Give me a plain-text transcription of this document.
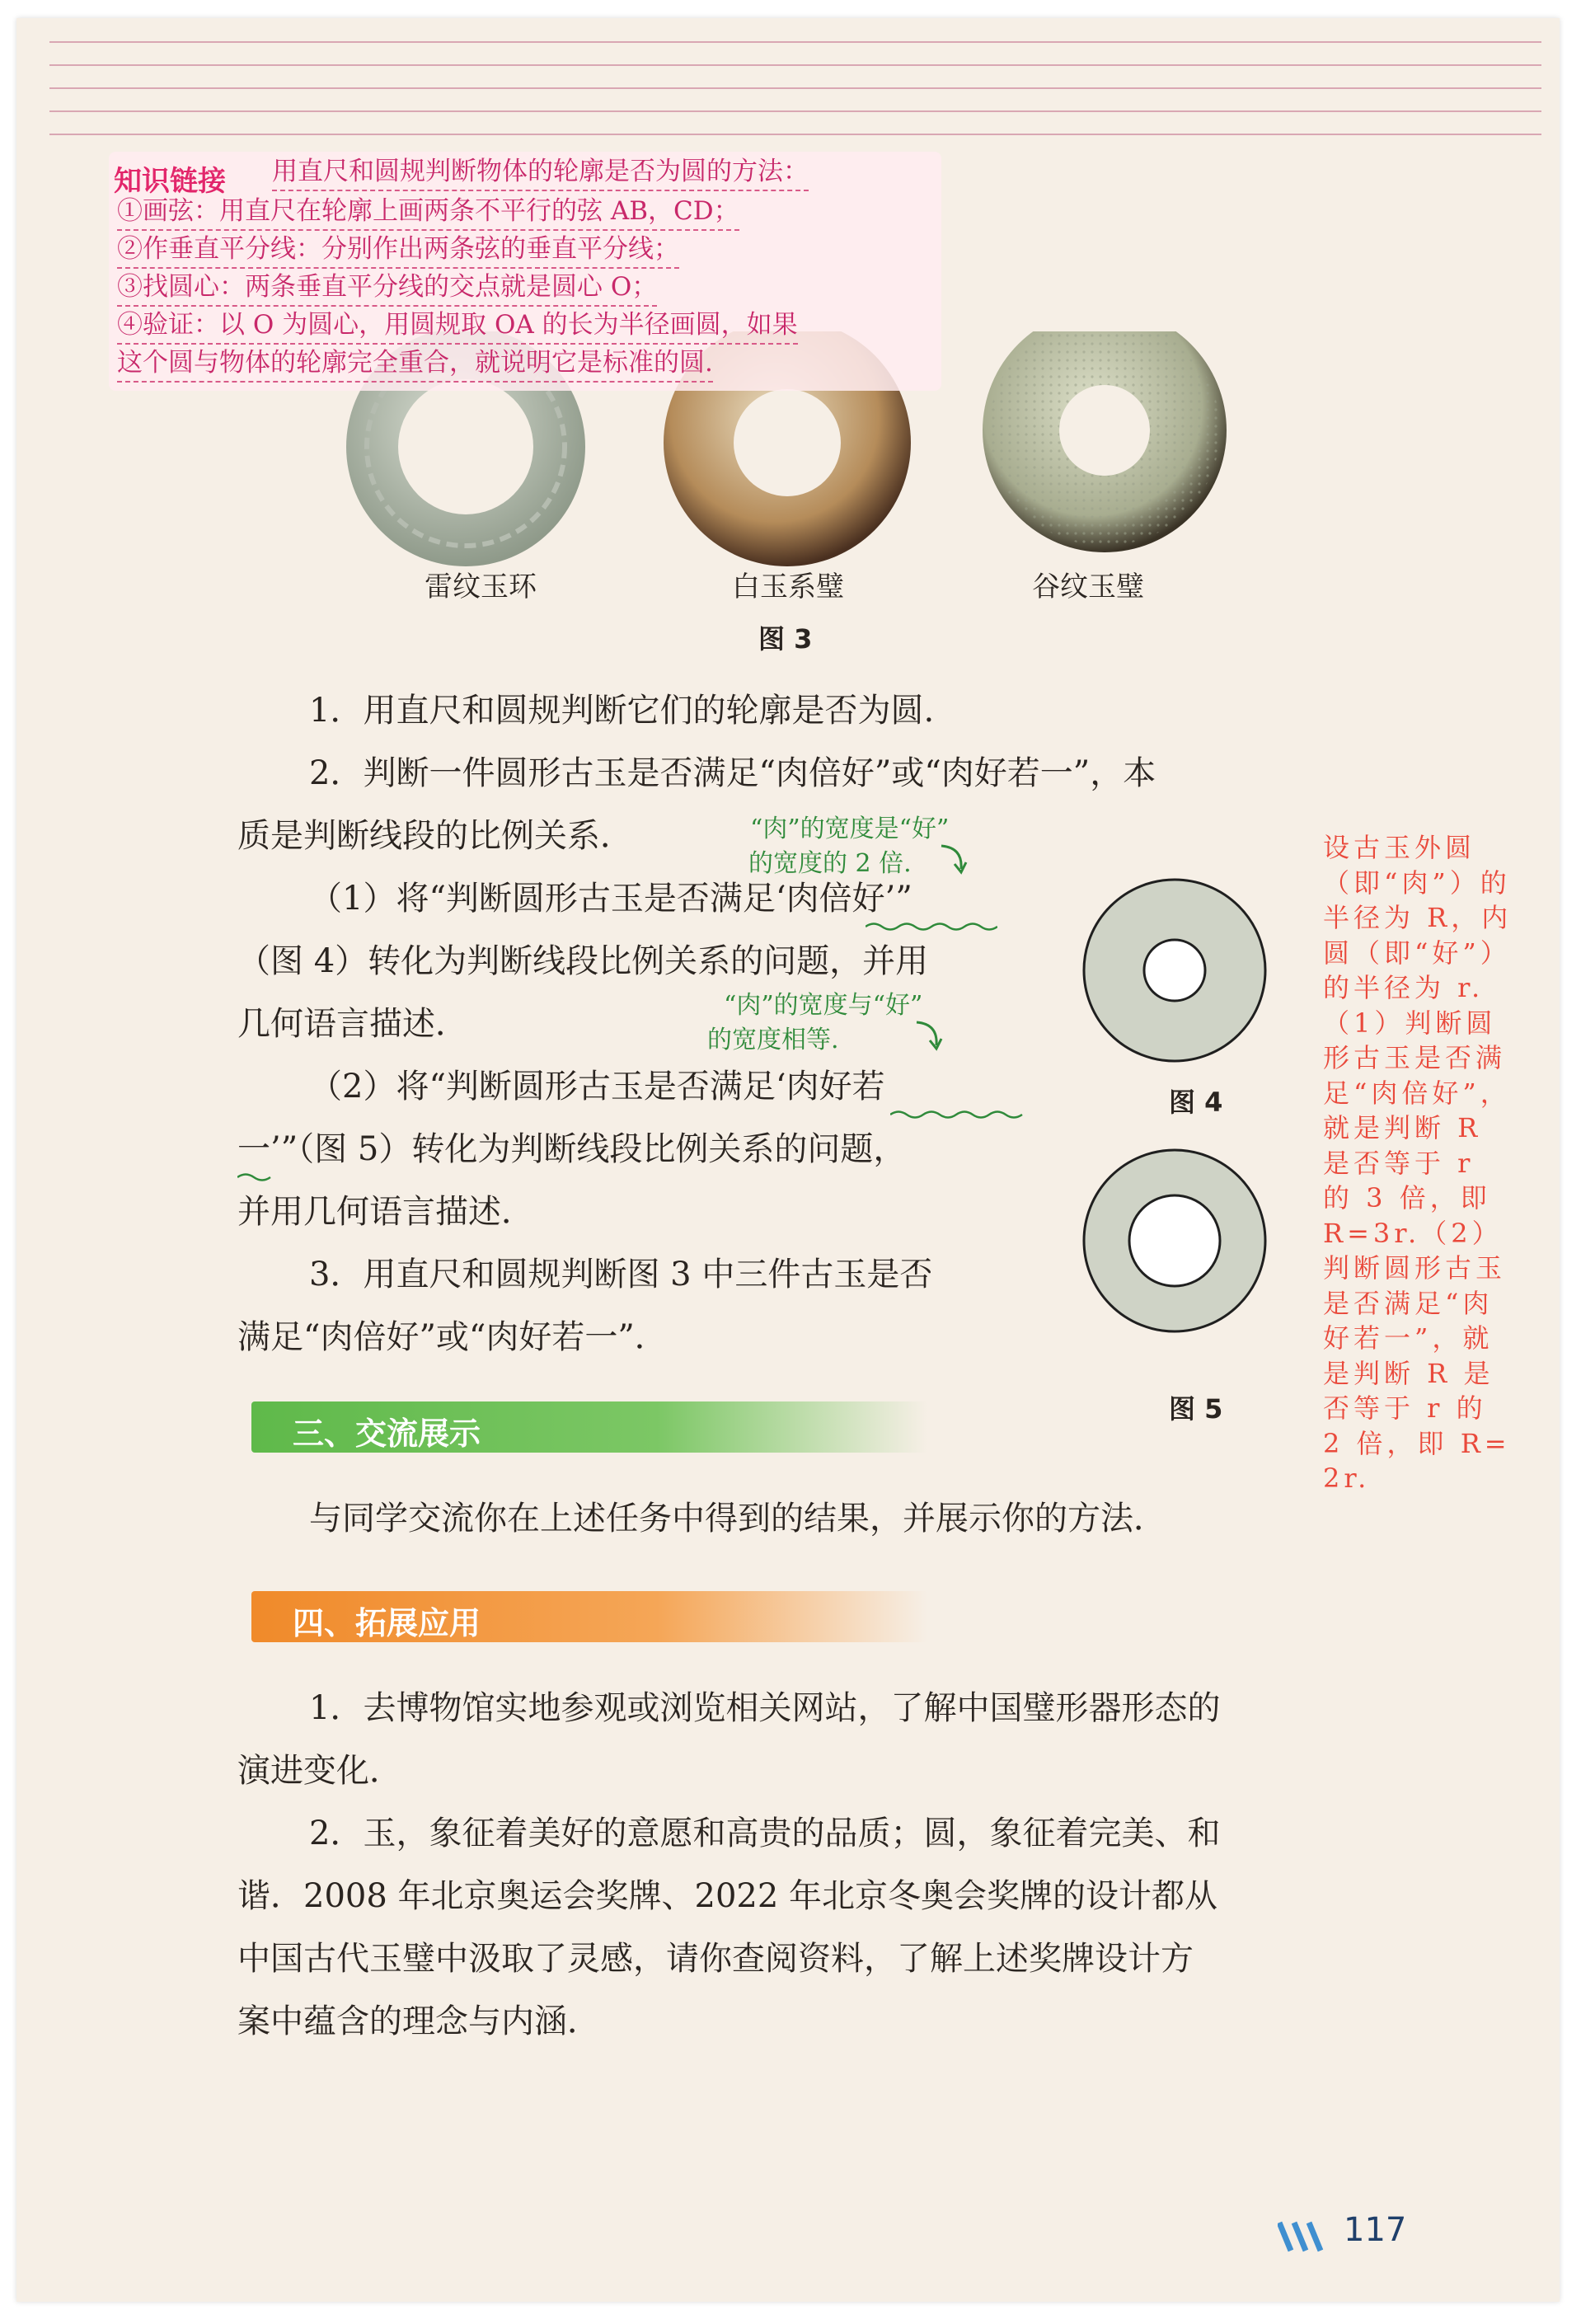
知识链接 用直尺和圆规判断物体的轮廓是否为圆的方法：
①画弦：用直尺在轮廓上画两条不平行的弦 AB，CD；
②作垂直平分线：分别作出两条弦的垂直平分线；
③找圆心：两条垂直平分线的交点就是圆心 O；
④验证：以 O 为圆心，用圆规取 OA 的长为半径画圆，如果
这个圆与物体的轮廓完全重合，就说明它是标准的圆.
雷纹玉环	白玉系璧	谷纹玉璧
图 3
1．用直尺和圆规判断它们的轮廓是否为圆.
2．判断一件圆形古玉是否满足“肉倍好”或“肉好若一”，本
质是判断线段的比例关系．
（1）将“判断圆形古玉是否满足‘肉倍好’”
（图 4）转化为判断线段比例关系的问题，并用
几何语言描述．
（2）将“判断圆形古玉是否满足‘肉好若
一’”（图 5）转化为判断线段比例关系的问题，
并用几何语言描述．
3．用直尺和圆规判断图 3 中三件古玉是否
满足“肉倍好”或“肉好若一”．
“肉”的宽度是“好”
的宽度的 2 倍.
“肉”的宽度与“好”
的宽度相等.
图 4
图 5
设古玉外圆（即“肉”）的半径为 R，内圆（即“好”）的半径为 r.（1）判断圆形古玉是否满足“肉倍好”，就是判断 R 是否等于 r 的 3 倍，即 R=3r.（2）判断圆形古玉是否满足“肉好若一”，就是判断 R 是否等于 r 的 2 倍，即 R=2r.
三、交流展示
与同学交流你在上述任务中得到的结果，并展示你的方法．
四、拓展应用
1．去博物馆实地参观或浏览相关网站，了解中国璧形器形态的
演进变化．
2．玉，象征着美好的意愿和高贵的品质；圆，象征着完美、和
谐．2008 年北京奥运会奖牌、2022 年北京冬奥会奖牌的设计都从
中国古代玉璧中汲取了灵感，请你查阅资料，了解上述奖牌设计方
案中蕴含的理念与内涵．
117
